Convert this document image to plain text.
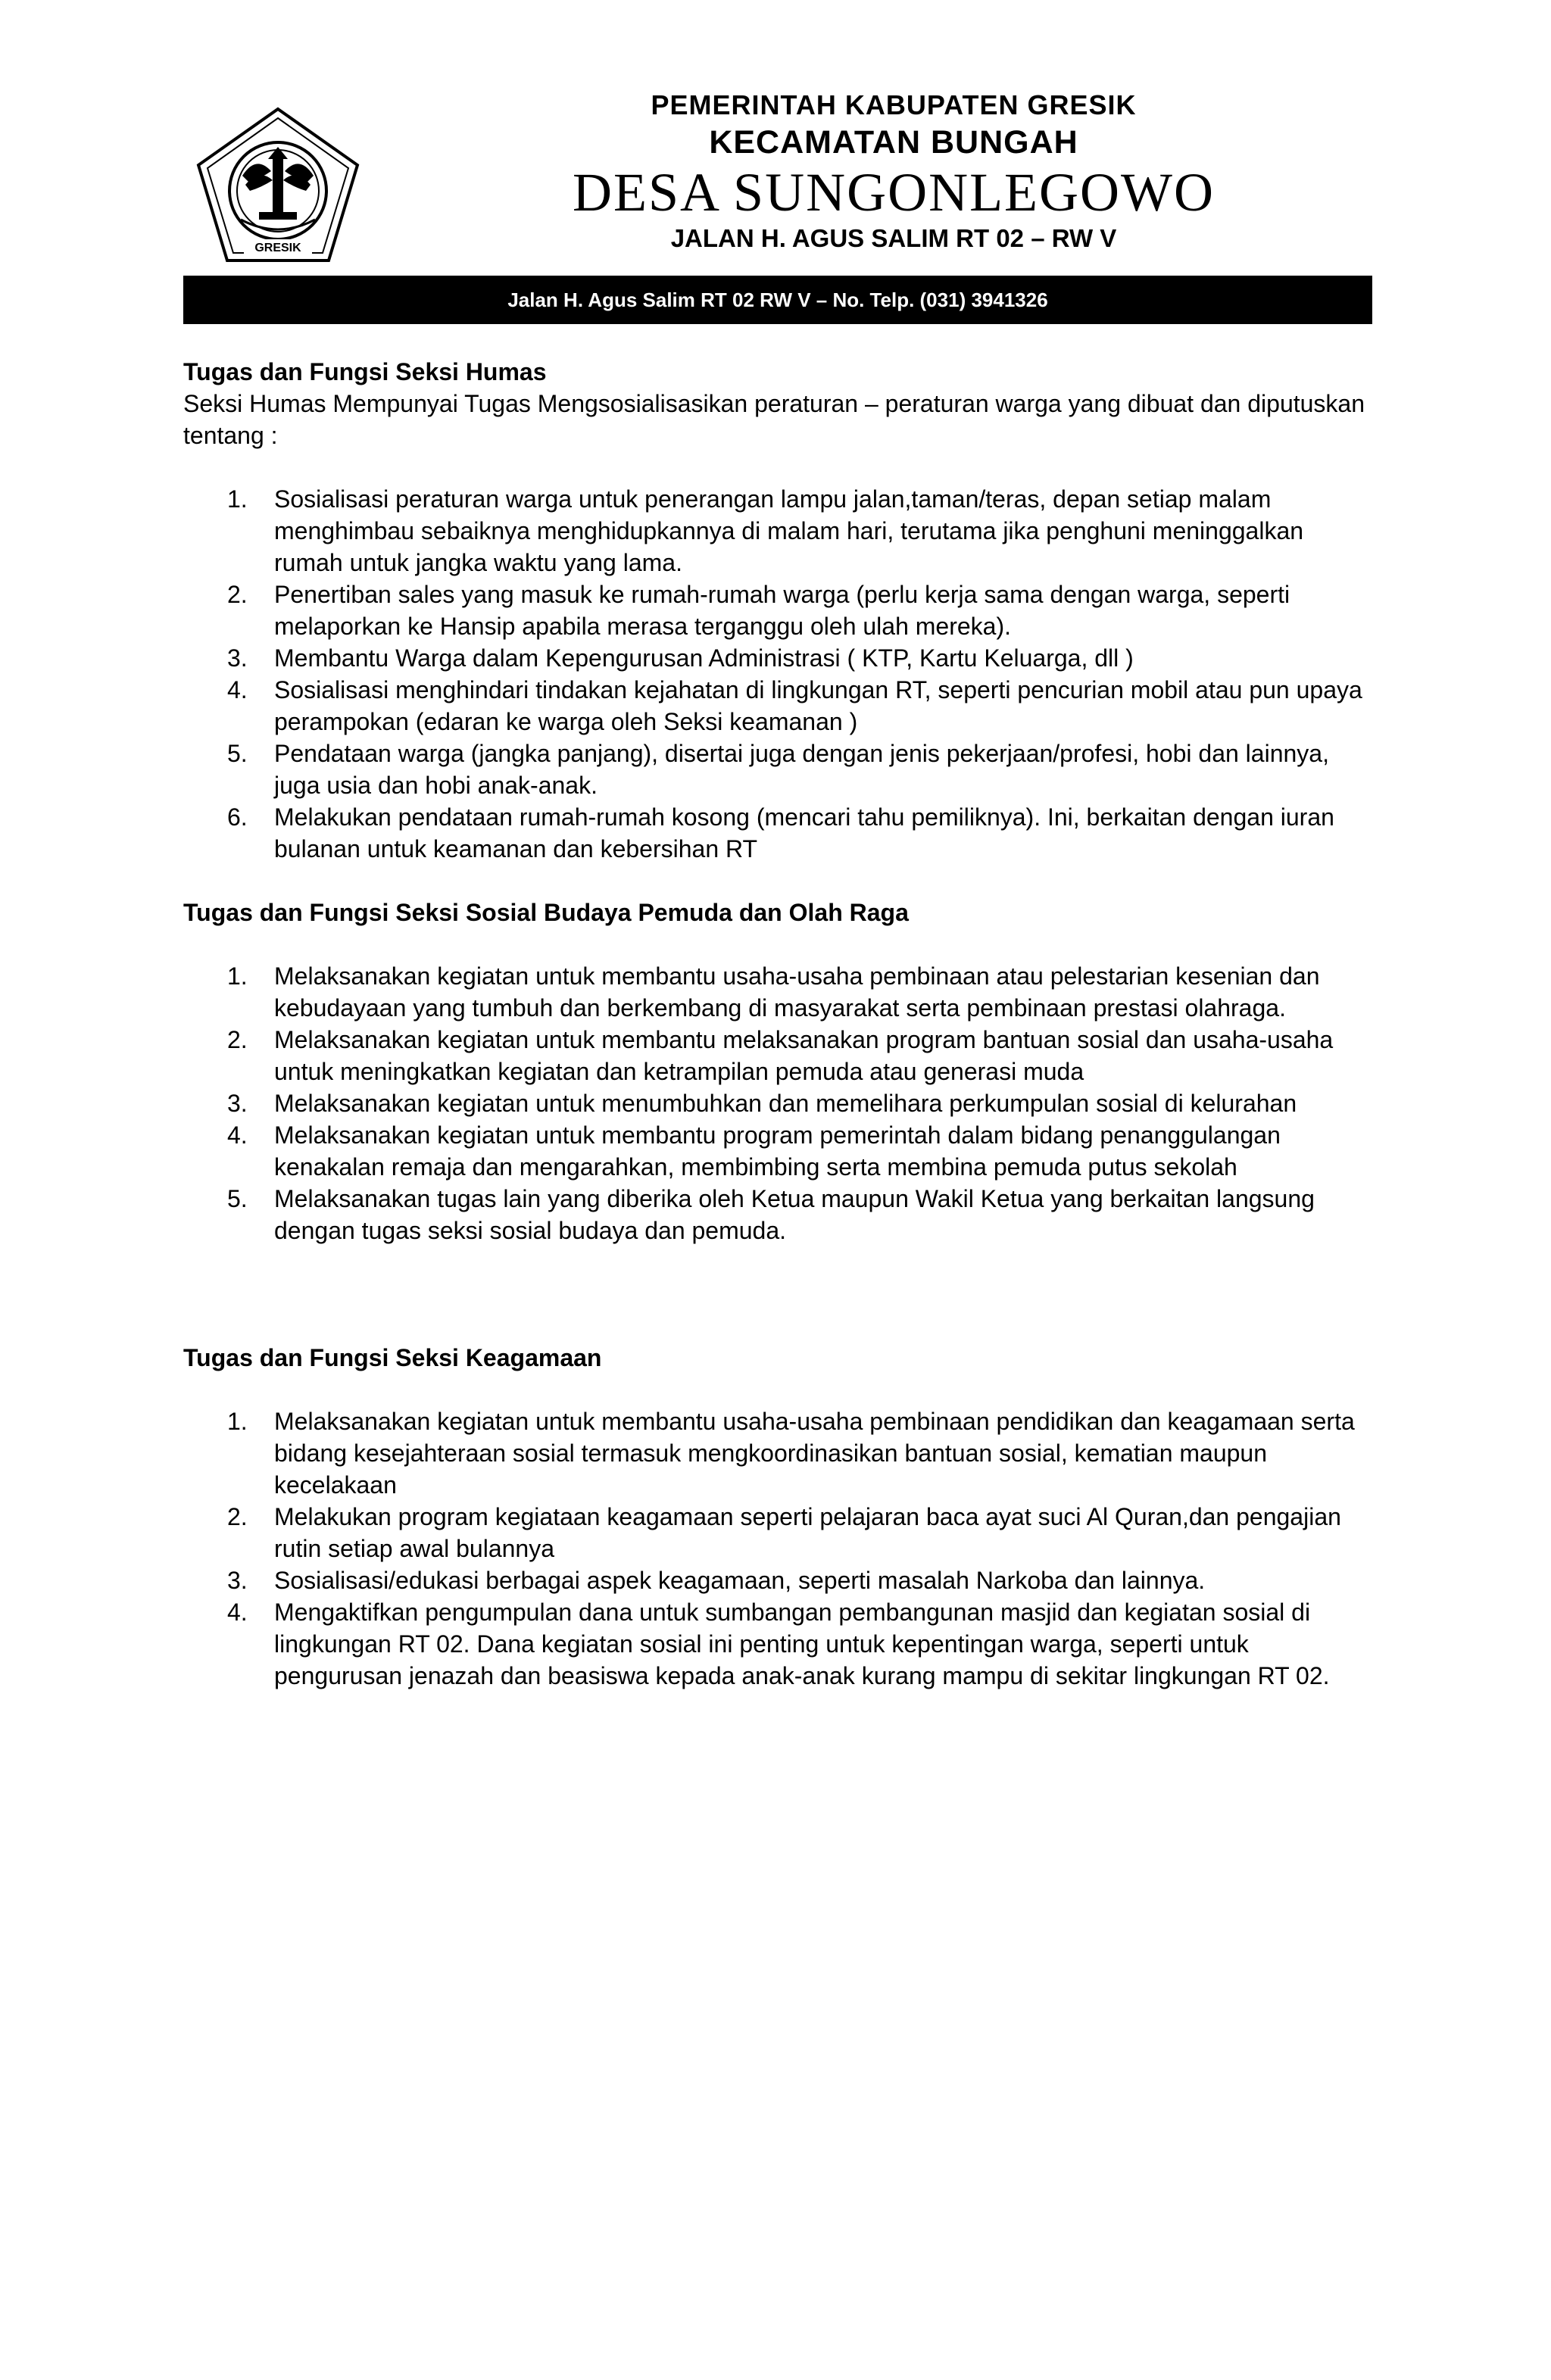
GRESIK
PEMERINTAH KABUPATEN GRESIK
KECAMATAN BUNGAH
DESA SUNGONLEGOWO
JALAN H. AGUS SALIM RT 02 – RW V
Jalan H. Agus Salim RT 02 RW V – No. Telp. (031) 3941326

Tugas dan Fungsi Seksi Humas

Seksi Humas Mempunyai Tugas Mengsosialisasikan peraturan – peraturan warga yang dibuat dan diputuskan tentang :

1. Sosialisasi peraturan warga untuk penerangan lampu jalan,taman/teras, depan setiap malam menghimbau sebaiknya menghidupkannya di malam hari, terutama jika penghuni meninggalkan rumah untuk jangka waktu yang lama.
2. Penertiban sales yang masuk ke rumah-rumah warga (perlu kerja sama dengan warga, seperti melaporkan ke Hansip apabila merasa terganggu oleh ulah mereka).
3. Membantu Warga dalam Kepengurusan Administrasi ( KTP, Kartu Keluarga, dll )
4. Sosialisasi menghindari tindakan kejahatan di lingkungan RT, seperti pencurian mobil atau pun upaya perampokan (edaran ke warga oleh Seksi keamanan )
5. Pendataan warga (jangka panjang), disertai juga dengan jenis pekerjaan/profesi, hobi dan lainnya, juga usia dan hobi anak-anak.
6. Melakukan pendataan rumah-rumah kosong (mencari tahu pemiliknya). Ini, berkaitan dengan iuran bulanan untuk keamanan dan kebersihan RT

Tugas dan Fungsi Seksi Sosial Budaya Pemuda dan Olah Raga

1. Melaksanakan kegiatan untuk membantu usaha-usaha pembinaan atau pelestarian kesenian dan kebudayaan yang tumbuh dan berkembang di masyarakat serta pembinaan prestasi olahraga.
2. Melaksanakan kegiatan untuk membantu melaksanakan program bantuan sosial dan usaha-usaha untuk meningkatkan kegiatan dan ketrampilan pemuda atau generasi muda
3. Melaksanakan kegiatan untuk menumbuhkan dan memelihara perkumpulan sosial di kelurahan
4. Melaksanakan kegiatan untuk membantu program pemerintah dalam bidang penanggulangan kenakalan remaja dan mengarahkan, membimbing serta membina pemuda putus sekolah
5. Melaksanakan tugas lain yang diberika oleh Ketua maupun Wakil Ketua yang berkaitan langsung dengan tugas seksi sosial budaya dan pemuda.

Tugas dan Fungsi Seksi Keagamaan

1. Melaksanakan kegiatan untuk membantu usaha-usaha pembinaan pendidikan dan keagamaan serta bidang kesejahteraan sosial termasuk mengkoordinasikan bantuan sosial, kematian maupun kecelakaan
2. Melakukan program kegiataan keagamaan seperti pelajaran baca ayat suci Al Quran,dan pengajian rutin setiap awal bulannya
3. Sosialisasi/edukasi berbagai aspek keagamaan, seperti masalah Narkoba dan lainnya.
4. Mengaktifkan pengumpulan dana untuk sumbangan pembangunan masjid dan kegiatan sosial di lingkungan RT 02. Dana kegiatan sosial ini penting untuk kepentingan warga, seperti untuk pengurusan jenazah dan beasiswa kepada anak-anak kurang mampu di sekitar lingkungan RT 02.
